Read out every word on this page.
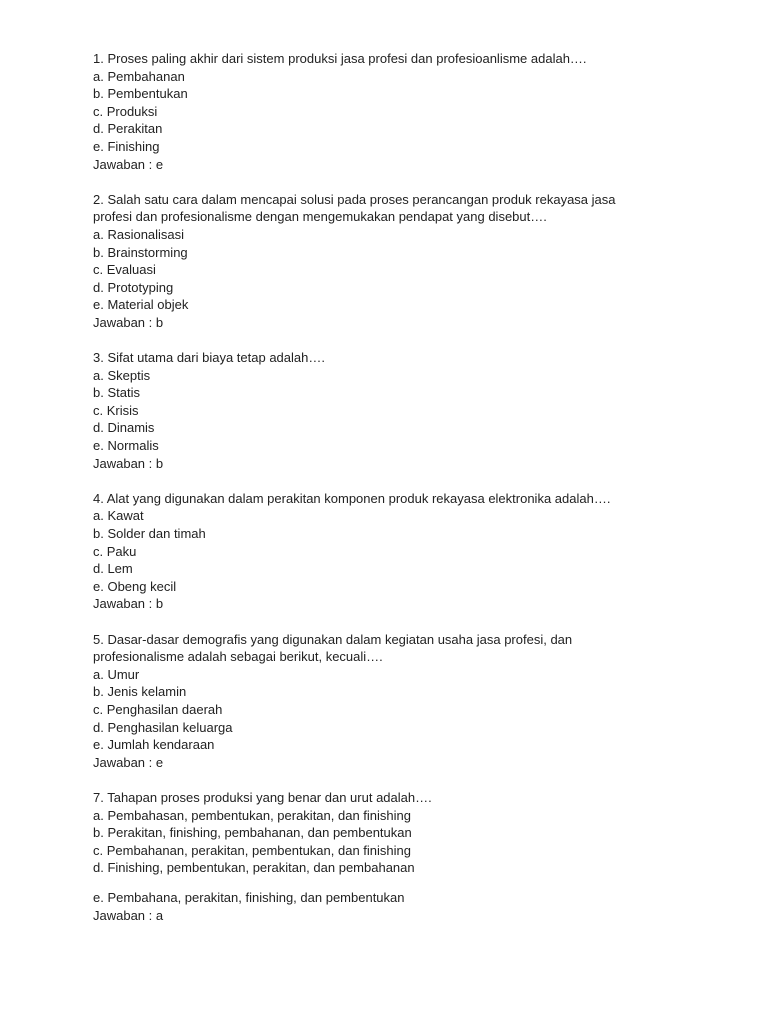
1. Proses paling akhir dari sistem produksi jasa profesi dan profesioanlisme adalah….
a. Pembahanan
b. Pembentukan
c. Produksi
d. Perakitan
e. Finishing
Jawaban : e
2. Salah satu cara dalam mencapai solusi pada proses perancangan produk rekayasa jasa
profesi dan profesionalisme dengan mengemukakan pendapat yang disebut….
a. Rasionalisasi
b. Brainstorming
c. Evaluasi
d. Prototyping
e. Material objek
Jawaban : b
3. Sifat utama dari biaya tetap adalah….
a. Skeptis
b. Statis
c. Krisis
d. Dinamis
e. Normalis
Jawaban : b
4. Alat yang digunakan dalam perakitan komponen produk rekayasa elektronika adalah….
a. Kawat
b. Solder dan timah
c. Paku
d. Lem
e. Obeng kecil
Jawaban : b
5. Dasar-dasar demografis yang digunakan dalam kegiatan usaha jasa profesi, dan
profesionalisme adalah sebagai berikut, kecuali….
a. Umur
b. Jenis kelamin
c. Penghasilan daerah
d. Penghasilan keluarga
e. Jumlah kendaraan
Jawaban : e
7. Tahapan proses produksi yang benar dan urut adalah….
a. Pembahasan, pembentukan, perakitan, dan finishing
b. Perakitan, finishing, pembahanan, dan pembentukan
c. Pembahanan, perakitan, pembentukan, dan finishing
d. Finishing, pembentukan, perakitan, dan pembahanan
e. Pembahana, perakitan, finishing, dan pembentukan
Jawaban : a
